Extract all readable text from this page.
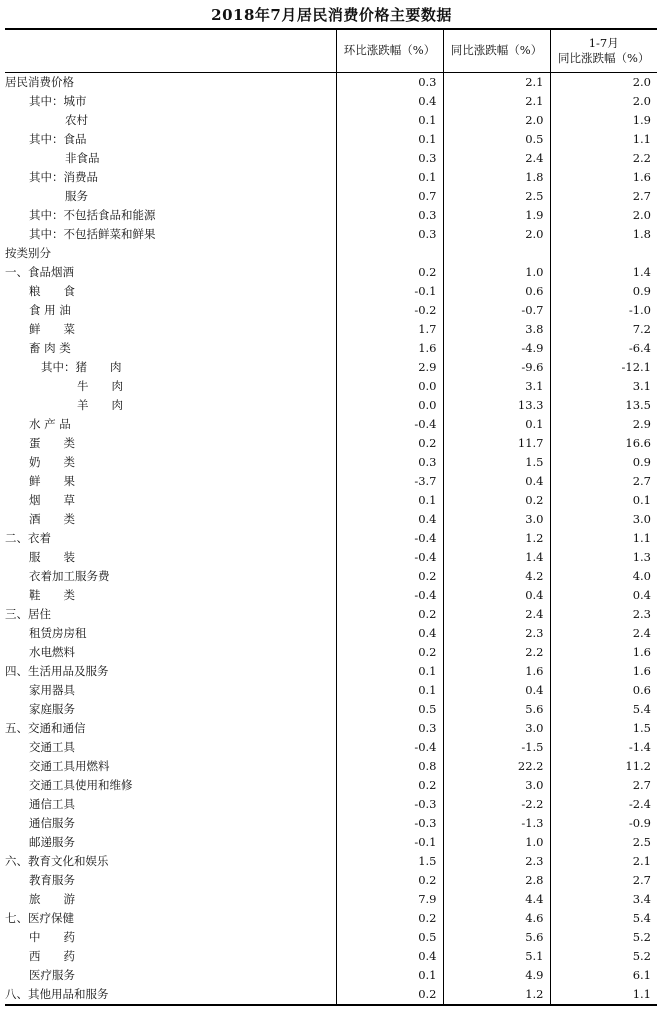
2018年7月居民消费价格主要数据
	环比涨跌幅（%）	同比涨跌幅（%）	1-7月
同比涨跌幅（%）

居民消费价格	0.3	2.1	2.0
其中：城市	0.4	2.1	2.0
农村	0.1	2.0	1.9
其中：食品	0.1	0.5	1.1
非食品	0.3	2.4	2.2
其中：消费品	0.1	1.8	1.6
服务	0.7	2.5	2.7
其中：不包括食品和能源	0.3	1.9	2.0
其中：不包括鲜菜和鲜果	0.3	2.0	1.8
按类别分			
一、食品烟酒	0.2	1.0	1.4
粮　　食	-0.1	0.6	0.9
食 用 油	-0.2	-0.7	-1.0
鲜　　菜	1.7	3.8	7.2
畜 肉 类	1.6	-4.9	-6.4
其中：猪　　肉	2.9	-9.6	-12.1
牛　　肉	0.0	3.1	3.1
羊　　肉	0.0	13.3	13.5
水 产 品	-0.4	0.1	2.9
蛋　　类	0.2	11.7	16.6
奶　　类	0.3	1.5	0.9
鲜　　果	-3.7	0.4	2.7
烟　　草	0.1	0.2	0.1
酒　　类	0.4	3.0	3.0
二、衣着	-0.4	1.2	1.1
服　　装	-0.4	1.4	1.3
衣着加工服务费	0.2	4.2	4.0
鞋　　类	-0.4	0.4	0.4
三、居住	0.2	2.4	2.3
租赁房房租	0.4	2.3	2.4
水电燃料	0.2	2.2	1.6
四、生活用品及服务	0.1	1.6	1.6
家用器具	0.1	0.4	0.6
家庭服务	0.5	5.6	5.4
五、交通和通信	0.3	3.0	1.5
交通工具	-0.4	-1.5	-1.4
交通工具用燃料	0.8	22.2	11.2
交通工具使用和维修	0.2	3.0	2.7
通信工具	-0.3	-2.2	-2.4
通信服务	-0.3	-1.3	-0.9
邮递服务	-0.1	1.0	2.5
六、教育文化和娱乐	1.5	2.3	2.1
教育服务	0.2	2.8	2.7
旅　　游	7.9	4.4	3.4
七、医疗保健	0.2	4.6	5.4
中　　药	0.5	5.6	5.2
西　　药	0.4	5.1	5.2
医疗服务	0.1	4.9	6.1
八、其他用品和服务	0.2	1.2	1.1
